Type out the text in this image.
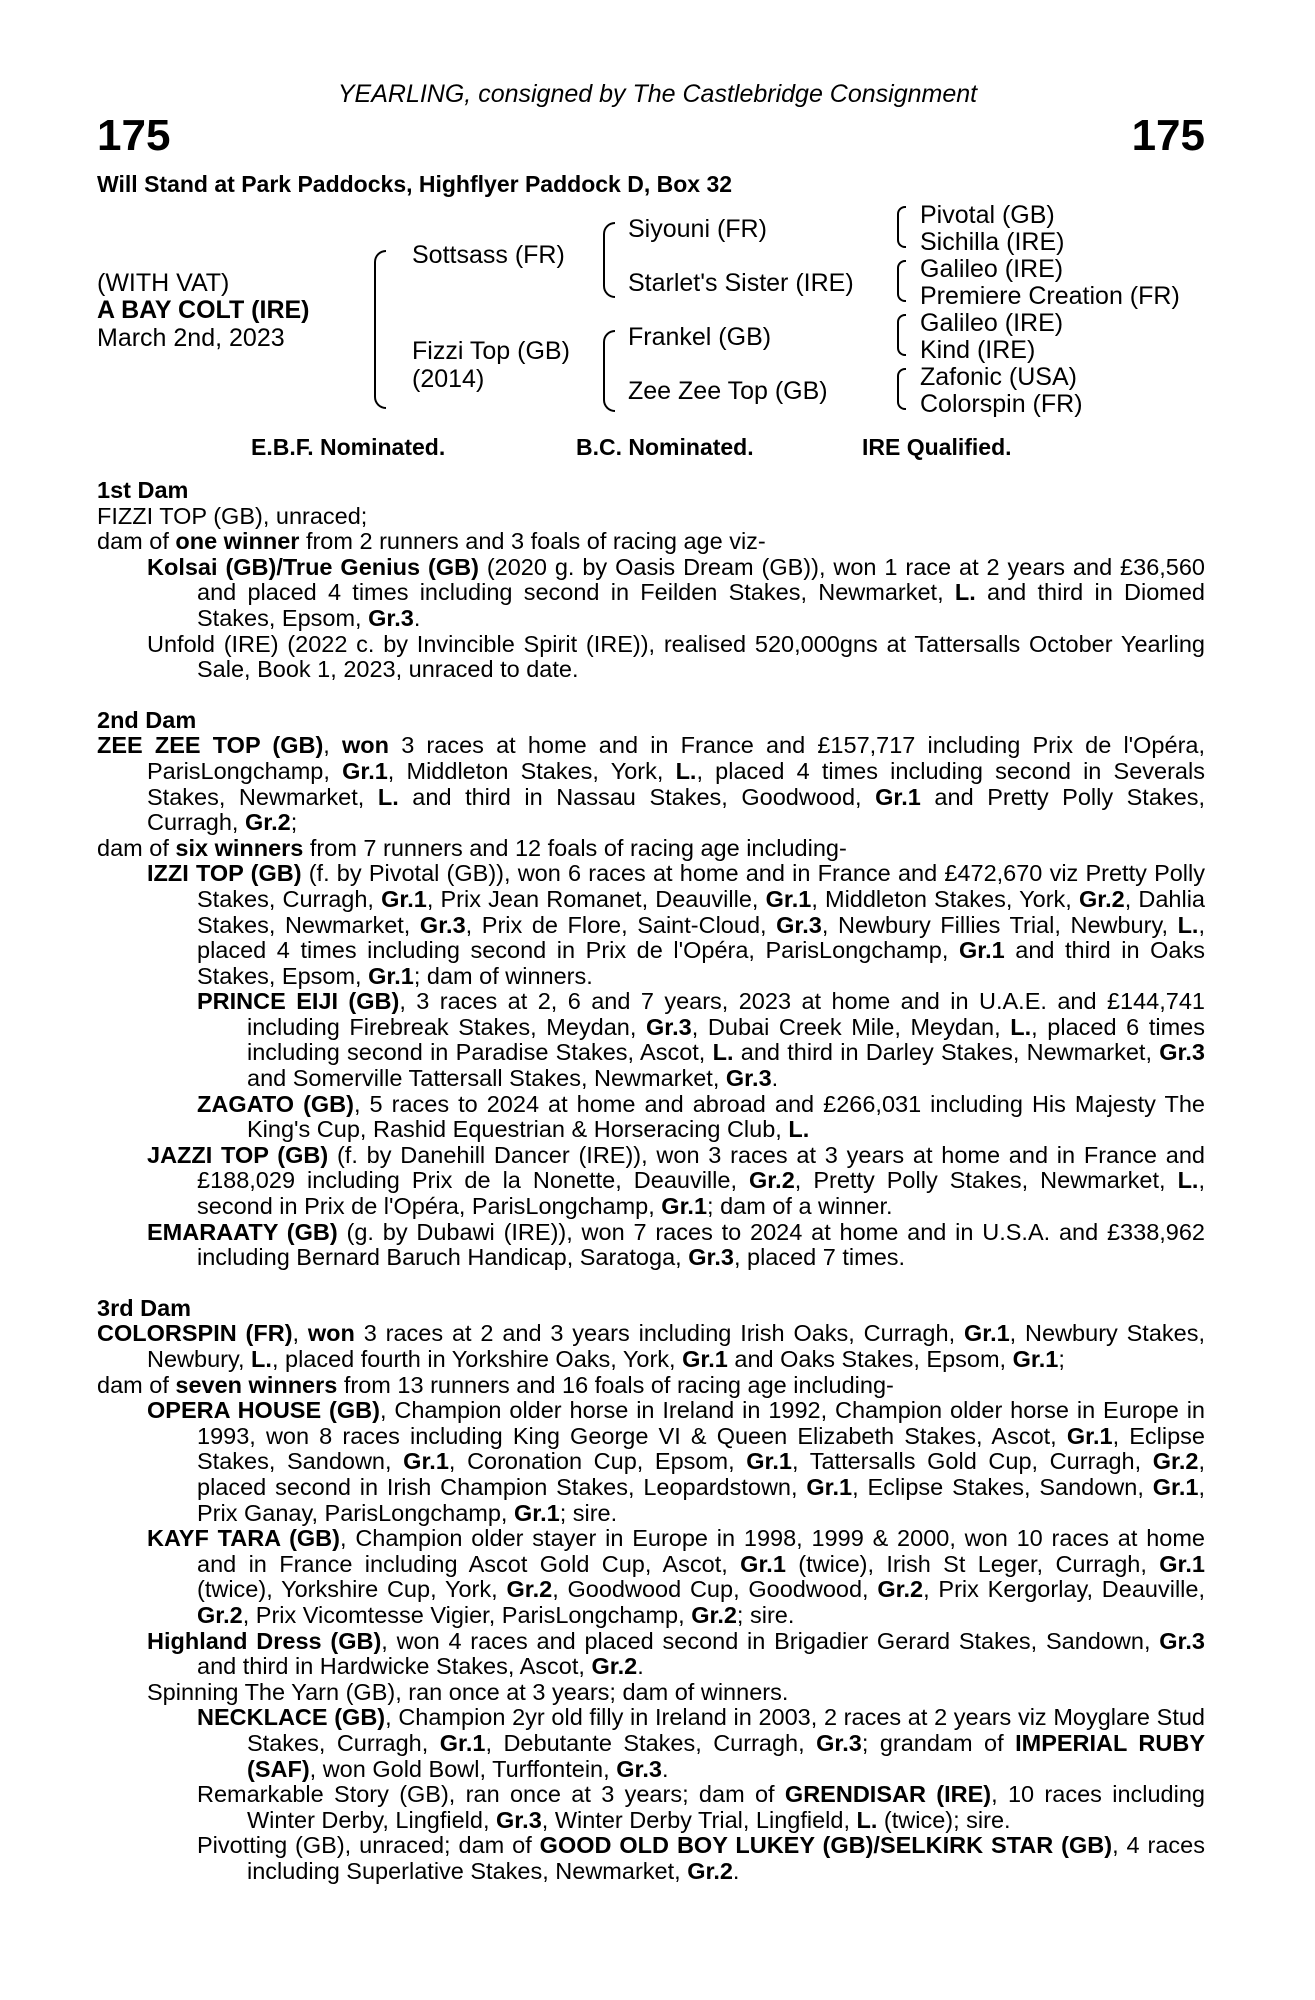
YEARLING, consigned by The Castlebridge Consignment
175	175
Will Stand at Park Paddocks, Highflyer Paddock D, Box 32
(WITH VAT)
A BAY COLT (IRE)
March 2nd, 2023
Sottsass (FR)
Fizzi Top (GB)
(2014)
Siyouni (FR)
Starlet's Sister (IRE)
Frankel (GB)
Zee Zee Top (GB)
Pivotal (GB)
Sichilla (IRE)
Galileo (IRE)
Premiere Creation (FR)
Galileo (IRE)
Kind (IRE)
Zafonic (USA)
Colorspin (FR)
E.B.F. Nominated.	B.C. Nominated.	IRE Qualified.

1st Dam

FIZZI TOP (GB), unraced;

dam of one winner from 2 runners and 3 foals of racing age viz-

Kolsai (GB)/True Genius (GB) (2020 g. by Oasis Dream (GB)), won 1 race at 2 years and £36,560 and placed 4 times including second in Feilden Stakes, Newmarket, L. and third in Diomed Stakes, Epsom, Gr.3.

Unfold (IRE) (2022 c. by Invincible Spirit (IRE)), realised 520,000gns at Tattersalls October Yearling Sale, Book 1, 2023, unraced to date.

2nd Dam

ZEE ZEE TOP (GB), won 3 races at home and in France and £157,717 including Prix de l'Opéra, ParisLongchamp, Gr.1, Middleton Stakes, York, L., placed 4 times including second in Severals Stakes, Newmarket, L. and third in Nassau Stakes, Goodwood, Gr.1 and Pretty Polly Stakes, Curragh, Gr.2;

dam of six winners from 7 runners and 12 foals of racing age including-

IZZI TOP (GB) (f. by Pivotal (GB)), won 6 races at home and in France and £472,670 viz Pretty Polly Stakes, Curragh, Gr.1, Prix Jean Romanet, Deauville, Gr.1, Middleton Stakes, York, Gr.2, Dahlia Stakes, Newmarket, Gr.3, Prix de Flore, Saint-Cloud, Gr.3, Newbury Fillies Trial, Newbury, L., placed 4 times including second in Prix de l'Opéra, ParisLongchamp, Gr.1 and third in Oaks Stakes, Epsom, Gr.1; dam of winners.

PRINCE EIJI (GB), 3 races at 2, 6 and 7 years, 2023 at home and in U.A.E. and £144,741 including Firebreak Stakes, Meydan, Gr.3, Dubai Creek Mile, Meydan, L., placed 6 times including second in Paradise Stakes, Ascot, L. and third in Darley Stakes, Newmarket, Gr.3 and Somerville Tattersall Stakes, Newmarket, Gr.3.

ZAGATO (GB), 5 races to 2024 at home and abroad and £266,031 including His Majesty The King's Cup, Rashid Equestrian & Horseracing Club, L.

JAZZI TOP (GB) (f. by Danehill Dancer (IRE)), won 3 races at 3 years at home and in France and £188,029 including Prix de la Nonette, Deauville, Gr.2, Pretty Polly Stakes, Newmarket, L., second in Prix de l'Opéra, ParisLongchamp, Gr.1; dam of a winner.

EMARAATY (GB) (g. by Dubawi (IRE)), won 7 races to 2024 at home and in U.S.A. and £338,962 including Bernard Baruch Handicap, Saratoga, Gr.3, placed 7 times.

3rd Dam

COLORSPIN (FR), won 3 races at 2 and 3 years including Irish Oaks, Curragh, Gr.1, Newbury Stakes, Newbury, L., placed fourth in Yorkshire Oaks, York, Gr.1 and Oaks Stakes, Epsom, Gr.1;

dam of seven winners from 13 runners and 16 foals of racing age including-

OPERA HOUSE (GB), Champion older horse in Ireland in 1992, Champion older horse in Europe in 1993, won 8 races including King George VI & Queen Elizabeth Stakes, Ascot, Gr.1, Eclipse Stakes, Sandown, Gr.1, Coronation Cup, Epsom, Gr.1, Tattersalls Gold Cup, Curragh, Gr.2, placed second in Irish Champion Stakes, Leopardstown, Gr.1, Eclipse Stakes, Sandown, Gr.1, Prix Ganay, ParisLongchamp, Gr.1; sire.

KAYF TARA (GB), Champion older stayer in Europe in 1998, 1999 & 2000, won 10 races at home and in France including Ascot Gold Cup, Ascot, Gr.1 (twice), Irish St Leger, Curragh, Gr.1 (twice), Yorkshire Cup, York, Gr.2, Goodwood Cup, Goodwood, Gr.2, Prix Kergorlay, Deauville, Gr.2, Prix Vicomtesse Vigier, ParisLongchamp, Gr.2; sire.

Highland Dress (GB), won 4 races and placed second in Brigadier Gerard Stakes, Sandown, Gr.3 and third in Hardwicke Stakes, Ascot, Gr.2.

Spinning The Yarn (GB), ran once at 3 years; dam of winners.

NECKLACE (GB), Champion 2yr old filly in Ireland in 2003, 2 races at 2 years viz Moyglare Stud Stakes, Curragh, Gr.1, Debutante Stakes, Curragh, Gr.3; grandam of IMPERIAL RUBY (SAF), won Gold Bowl, Turffontein, Gr.3.

Remarkable Story (GB), ran once at 3 years; dam of GRENDISAR (IRE), 10 races including Winter Derby, Lingfield, Gr.3, Winter Derby Trial, Lingfield, L. (twice); sire.

Pivotting (GB), unraced; dam of GOOD OLD BOY LUKEY (GB)/SELKIRK STAR (GB), 4 races including Superlative Stakes, Newmarket, Gr.2.
